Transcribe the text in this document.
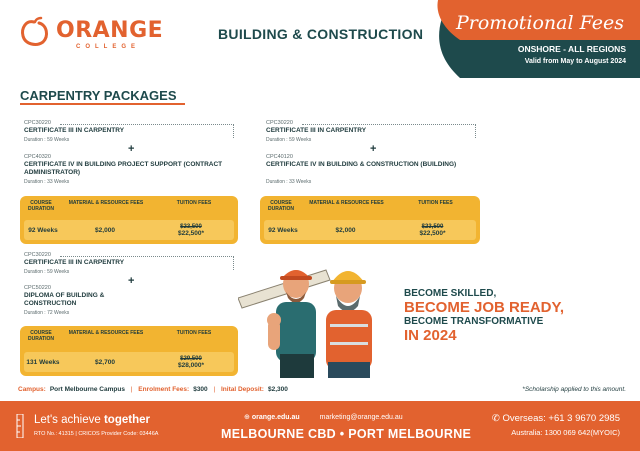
ORANGE
COLLEGE
BUILDING & CONSTRUCTION	Promotional Fees
ONSHORE - ALL REGIONS
Valid from May to August 2024
CARPENTRY PACKAGES
CPC30220
CERTIFICATE III IN CARPENTRY
Duration : 59 Weeks
+
CPC40320
CERTIFICATE IV IN BUILDING PROJECT SUPPORT (CONTRACT ADMINISTRATOR)
Duration : 33 Weeks
COURSE DURATION
MATERIAL & RESOURCE FEES	TUITION FEES
92 Weeks	$2,000	$23,500
$22,500*
CPC30220
CERTIFICATE III IN CARPENTRY
Duration : 59 Weeks
+
CPC40120
CERTIFICATE IV IN BUILDING & CONSTRUCTION (BUILDING)
Duration : 33 Weeks
COURSE DURATION
MATERIAL & RESOURCE FEES	TUITION FEES
92 Weeks	$2,000	$23,500
$22,500*
CPC30220
CERTIFICATE III IN CARPENTRY
Duration : 59 Weeks
+
CPC50220
DIPLOMA OF BUILDING & CONSTRUCTION
Duration : 72 Weeks
COURSE DURATION
MATERIAL & RESOURCE FEES	TUITION FEES
131 Weeks	$2,700	$29,500
$28,000*
BECOME SKILLED,
BECOME JOB READY,
BECOME TRANSFORMATIVE
IN 2024
Campus: Port Melbourne Campus | Enrolment Fees: $300 | Inital Deposit: $2,300	*Scholarship applied to this amount.
Let's achieve together
RTO No.: 41315 | CRICOS Provider Code: 03446A
⊕ orange.edu.au	marketing@orange.edu.au
MELBOURNE CBD • PORT MELBOURNE
✆ Overseas: +61 3 9670 2985
Australia: 1300 069 642(MYOIC)
